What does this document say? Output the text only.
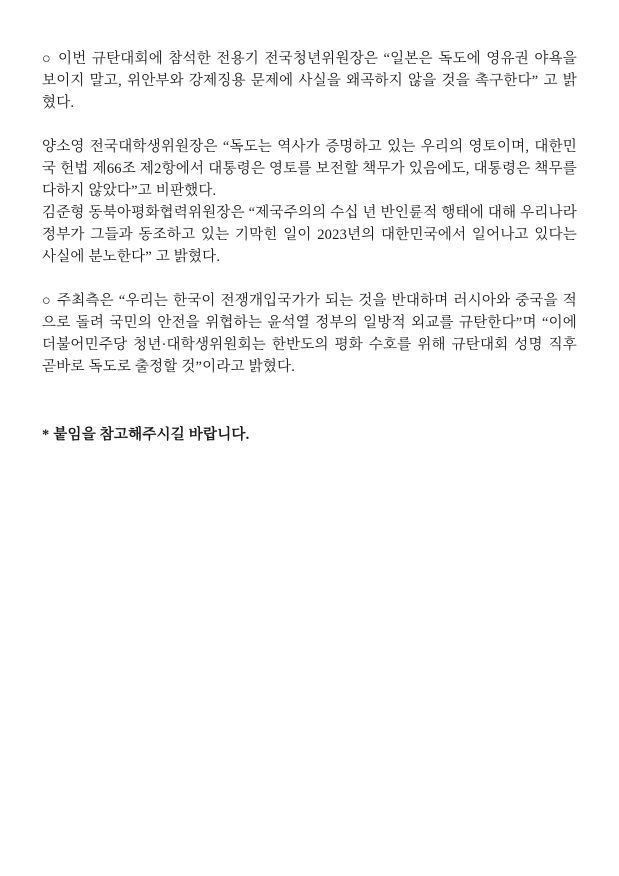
○ 이번 규탄대회에 참석한 전용기 전국청년위원장은 “일본은 독도에 영유권 야욕을 보이지 말고, 위안부와 강제징용 문제에 사실을 왜곡하지 않을 것을 촉구한다” 고 밝혔다.

양소영 전국대학생위원장은 “독도는 역사가 증명하고 있는 우리의 영토이며, 대한민국 헌법 제66조 제2항에서 대통령은 영토를 보전할 책무가 있음에도, 대통령은 책무를 다하지 않았다”고 비판했다.

김준형 동북아평화협력위원장은 “제국주의의 수십 년 반인륜적 행태에 대해 우리나라 정부가 그들과 동조하고 있는 기막힌 일이 2023년의 대한민국에서 일어나고 있다는 사실에 분노한다” 고 밝혔다.

○ 주최측은 “우리는 한국이 전쟁개입국가가 되는 것을 반대하며 러시아와 중국을 적으로 돌려 국민의 안전을 위협하는 윤석열 정부의 일방적 외교를 규탄한다”며 “이에 더불어민주당 청년·대학생위원회는 한반도의 평화 수호를 위해 규탄대회 성명 직후 곧바로 독도로 출정할 것”이라고 밝혔다.

* 붙임을 참고해주시길 바랍니다.
